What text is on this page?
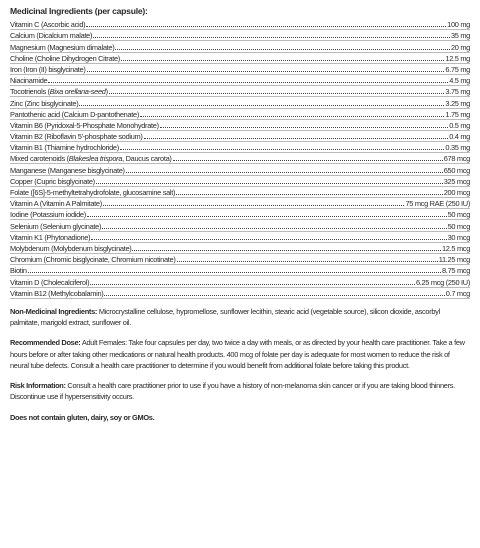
Medicinal Ingredients (per capsule):

Vitamin C (Ascorbic acid)	100 mg
Calcium (Dicalcium malate)	35 mg
Magnesium (Magnesium dimalate)	20 mg
Choline (Choline Dihydrogen Citrate)	12.5 mg
Iron (Iron (II) bisglycinate)	6.75 mg
Niacinamide	4.5 mg
Tocotrienols (Bixa orellana-seed)	3.75 mg
Zinc (Zinc bisglycinate)	3.25 mg
Pantothenic acid (Calcium D-pantothenate)	1.75 mg
Vitamin B6 (Pyridoxal-5-Phosphate Monohydrate)	0.5 mg
Vitamin B2 (Riboflavin 5'-phosphate sodium)	0.4 mg
Vitamin B1 (Thiamine hydrochloride)	0.35 mg
Mixed carotenoids (Blakeslea trispora, Daucus carota)	678 mcg
Manganese (Manganese bisglycinate)	650 mcg
Copper (Cupric bisglycinate)	325 mcg
Folate ([6S]-5-methyltetrahydrofolate, glucosamine salt)	200 mcg
Vitamin A (Vitamin A Palmitate)	75 mcg RAE (250 IU)
Iodine (Potassium iodide)	50 mcg
Selenium (Selenium glycinate)	50 mcg
Vitamin K1 (Phytonadione)	30 mcg
Molybdenum (Molybdenum bisglycinate)	12.5 mcg
Chromium (Chromic bisglycinate, Chromium nicotinate)	11.25 mcg
Biotin	8.75 mcg
Vitamin D (Cholecalciferol)	6.25 mcg (250 IU)
Vitamin B12 (Methylcobalamin)	0.7 mcg

Non-Medicinal Ingredients: Microcrystalline cellulose, hypromellose, sunflower lecithin, stearic acid (vegetable source), silicon dioxide, ascorbyl palmitate, marigold extract, sunflower oil.

Recommended Dose: Adult Females: Take four capsules per day, two twice a day with meals, or as directed by your health care practitioner. Take a few hours before or after taking other medications or natural health products. 400 mcg of folate per day is adequate for most women to reduce the risk of neural tube defects. Consult a health care practitioner to determine if you would benefit from additional folate before taking this product.

Risk Information: Consult a health care practitioner prior to use if you have a history of non-melanoma skin cancer or if you are taking blood thinners. Discontinue use if hypersensitivity occurs.

Does not contain gluten, dairy, soy or GMOs.
